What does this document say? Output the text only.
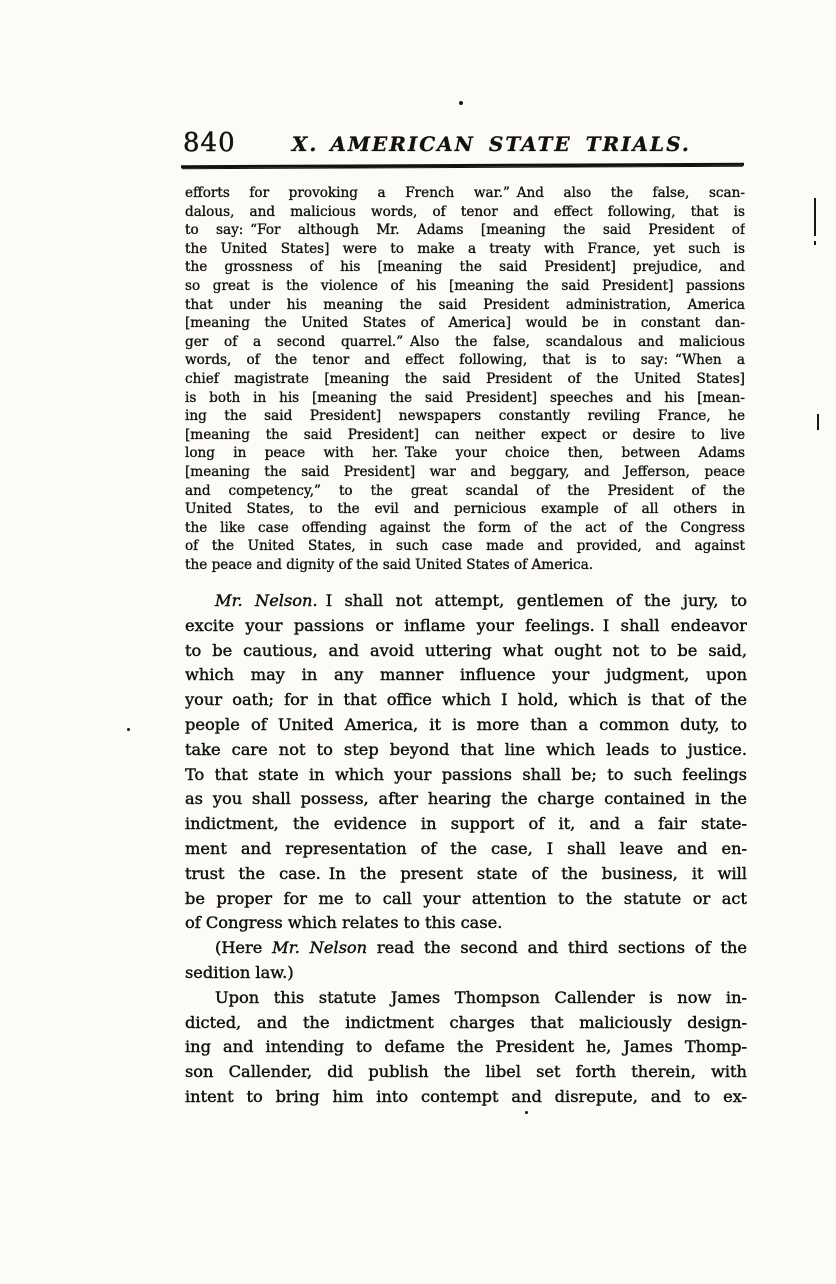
840	X. AMERICAN STATE TRIALS.
efforts for provoking a French war.” And also the false, scan-
dalous, and malicious words, of tenor and effect following, that is
to say: “For although Mr. Adams [meaning the said President of
the United States] were to make a treaty with France, yet such is
the grossness of his [meaning the said President] prejudice, and
so great is the violence of his [meaning the said President] passions
that under his meaning the said President administration, America
[meaning the United States of America] would be in constant dan-
ger of a second quarrel.” Also the false, scandalous and malicious
words, of the tenor and effect following, that is to say: “When a
chief magistrate [meaning the said President of the United States]
is both in his [meaning the said President] speeches and his [mean-
ing the said President] newspapers constantly reviling France, he
[meaning the said President] can neither expect or desire to live
long in peace with her. Take your choice then, between Adams
[meaning the said President] war and beggary, and Jefferson, peace
and competency,” to the great scandal of the President of the
United States, to the evil and pernicious example of all others in
the like case offending against the form of the act of the Congress
of the United States, in such case made and provided, and against
the peace and dignity of the said United States of America.
Mr. Nelson. I shall not attempt, gentlemen of the jury, to
excite your passions or inflame your feelings. I shall endeavor
to be cautious, and avoid uttering what ought not to be said,
which may in any manner influence your judgment, upon
your oath; for in that office which I hold, which is that of the
people of United America, it is more than a common duty, to
take care not to step beyond that line which leads to justice.
To that state in which your passions shall be; to such feelings
as you shall possess, after hearing the charge contained in the
indictment, the evidence in support of it, and a fair state-
ment and representation of the case, I shall leave and en-
trust the case. In the present state of the business, it will
be proper for me to call your attention to the statute or act
of Congress which relates to this case.
(Here Mr. Nelson read the second and third sections of the
sedition law.)
Upon this statute James Thompson Callender is now in-
dicted, and the indictment charges that maliciously design-
ing and intending to defame the President he, James Thomp-
son Callender, did publish the libel set forth therein, with
intent to bring him into contempt and disrepute, and to ex-
